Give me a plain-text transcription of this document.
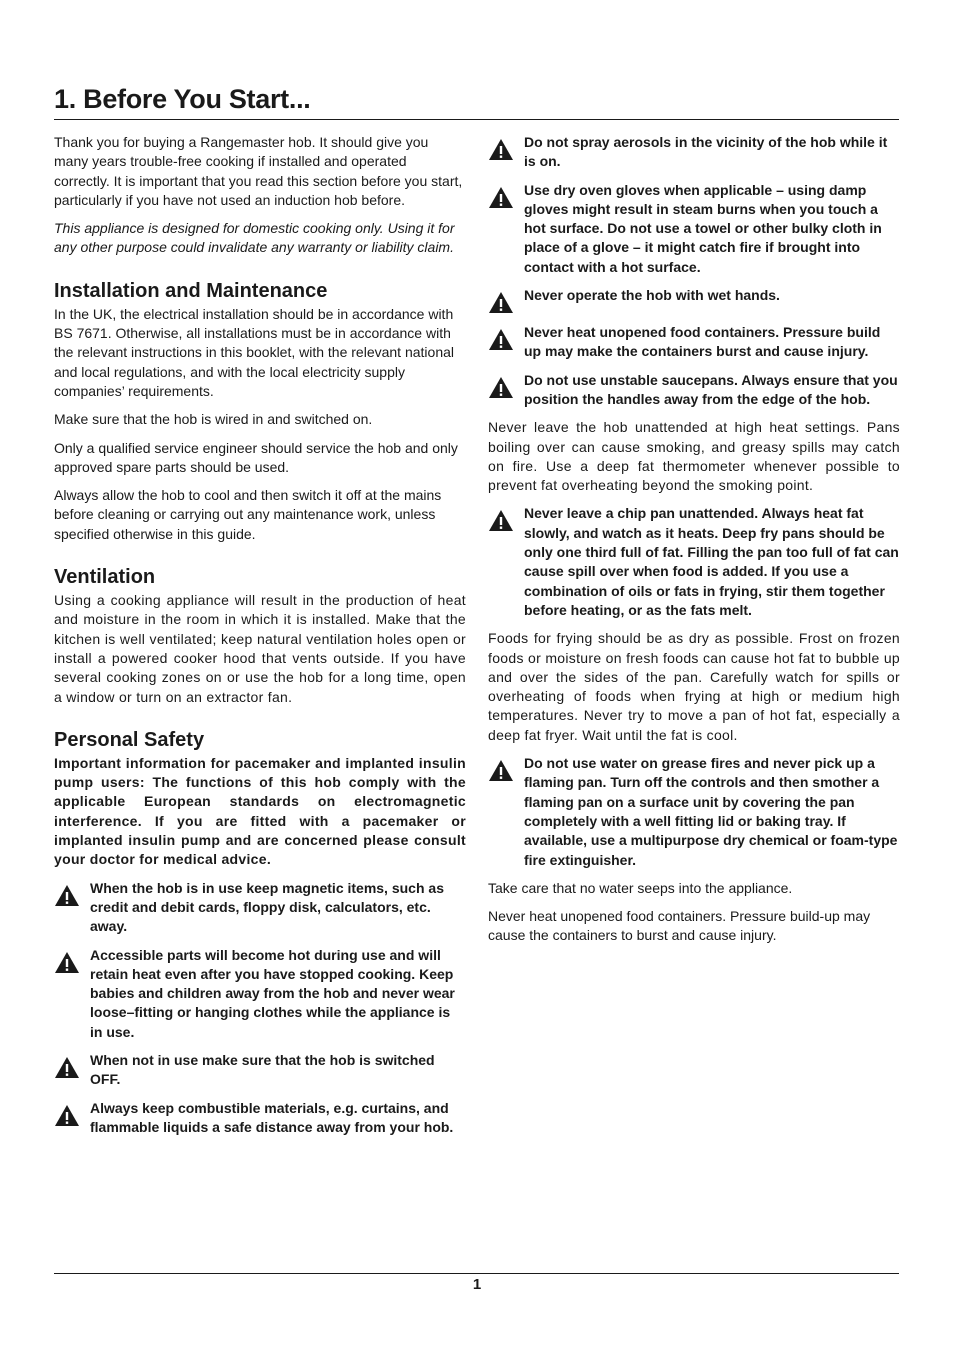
1. Before You Start...

Thank you for buying a Rangemaster hob. It should give you many years trouble-free cooking if installed and operated correctly. It is important that you read this section before you start, particularly if you have not used an induction hob before.

This appliance is designed for domestic cooking only. Using it for any other purpose could invalidate any warranty or liability claim.

Installation and Maintenance

In the UK, the electrical installation should be in accordance with BS 7671. Otherwise, all installations must be in accordance with the relevant instructions in this booklet, with the relevant national and local regulations, and with the local electricity supply companies’ requirements.

Make sure that the hob is wired in and switched on.

Only a qualified service engineer should service the hob and only approved spare parts should be used.

Always allow the hob to cool and then switch it off at the mains before cleaning or carrying out any maintenance work, unless specified otherwise in this guide.

Ventilation

Using a cooking appliance will result in the production of heat and moisture in the room in which it is installed. Make that the kitchen is well ventilated; keep natural ventilation holes open or install a powered cooker hood that vents outside. If you have several cooking zones on or use the hob for a long time, open a window or turn on an extractor fan.

Personal Safety

Important information for pacemaker and implanted insulin pump users: The functions of this hob comply with the applicable European standards on electromagnetic interference. If you are fitted with a pacemaker or implanted insulin pump and are concerned please consult your doctor for medical advice.

When the hob is in use keep magnetic items, such as credit and debit cards, floppy disk, calculators, etc. away.
Accessible parts will become hot during use and will retain heat even after you have stopped cooking. Keep babies and children away from the hob and never wear loose–fitting or hanging clothes while the appliance is in use.
When not in use make sure that the hob is switched OFF.
Always keep combustible materials, e.g. curtains, and flammable liquids a safe distance away from your hob.
Do not spray aerosols in the vicinity of the hob while it is on.
Use dry oven gloves when applicable – using damp gloves might result in steam burns when you touch a hot surface. Do not use a towel or other bulky cloth in place of a glove – it might catch fire if brought into contact with a hot surface.
Never operate the hob with wet hands.
Never heat unopened food containers. Pressure build up may make the containers burst and cause injury.
Do not use unstable saucepans. Always ensure that you position the handles away from the edge of the hob.

Never leave the hob unattended at high heat settings. Pans boiling over can cause smoking, and greasy spills may catch on fire. Use a deep fat thermometer whenever possible to prevent fat overheating beyond the smoking point.

Never leave a chip pan unattended. Always heat fat slowly, and watch as it heats. Deep fry pans should be only one third full of fat. Filling the pan too full of fat can cause spill over when food is added. If you use a combination of oils or fats in frying, stir them together before heating, or as the fats melt.

Foods for frying should be as dry as possible. Frost on frozen foods or moisture on fresh foods can cause hot fat to bubble up and over the sides of the pan. Carefully watch for spills or overheating of foods when frying at high or medium high temperatures. Never try to move a pan of hot fat, especially a deep fat fryer. Wait until the fat is cool.

Do not use water on grease fires and never pick up a flaming pan. Turn off the controls and then smother a flaming pan on a surface unit by covering the pan completely with a well fitting lid or baking tray. If available, use a multipurpose dry chemical or foam-type fire extinguisher.

Take care that no water seeps into the appliance.

Never heat unopened food containers. Pressure build-up may cause the containers to burst and cause injury.

1
